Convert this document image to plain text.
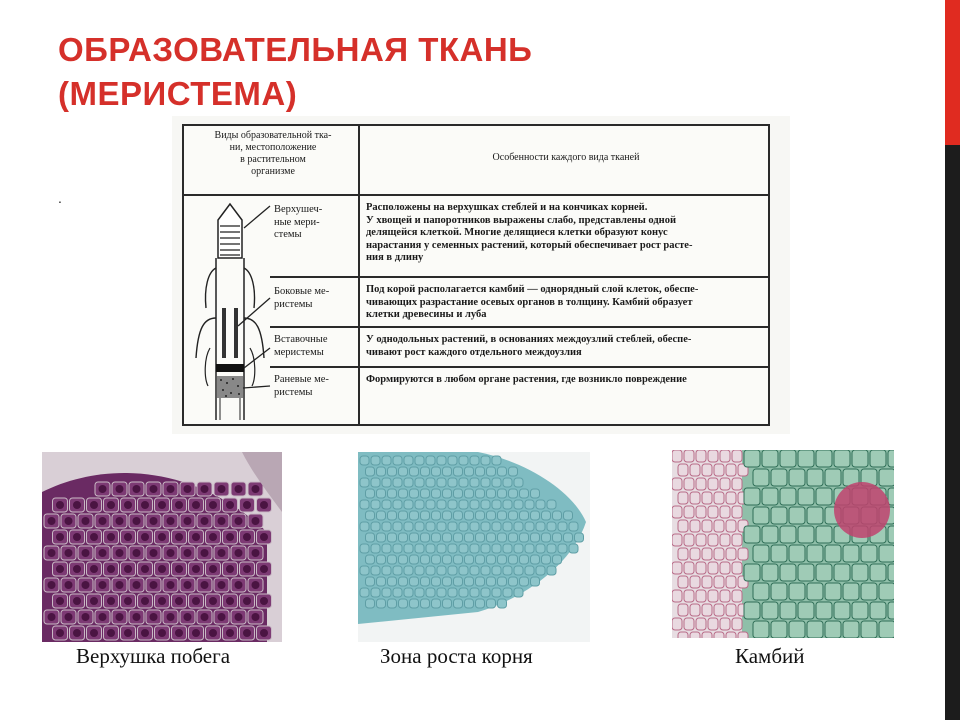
ОБРАЗОВАТЕЛЬНАЯ ТКАНЬ
(МЕРИСТЕМА)
.
Виды образовательной тка-
ни, местоположение
в растительном
организме
Особенности каждого вида тканей
Верхушеч-
ные мери-
стемы
Расположены на верхушках стеблей и на кончиках корней.
У хвощей и папоротников выражены слабо, представлены одной
делящейся клеткой. Многие делящиеся клетки образуют конус
нарастания у семенных растений, который обеспечивает рост расте-
ния в длину
Боковые ме-
ристемы
Под корой располагается камбий — однорядный слой клеток, обеспе-
чивающих разрастание осевых органов в толщину. Камбий образует
клетки древесины и луба
Вставочные
меристемы
У однодольных растений, в основаниях междоузлий стеблей, обеспе-
чивают рост каждого отдельного междоузлия
Раневые ме-
ристемы
Формируются в любом органе растения, где возникло повреждение
Верхушка побега	Зона роста корня	Камбий
